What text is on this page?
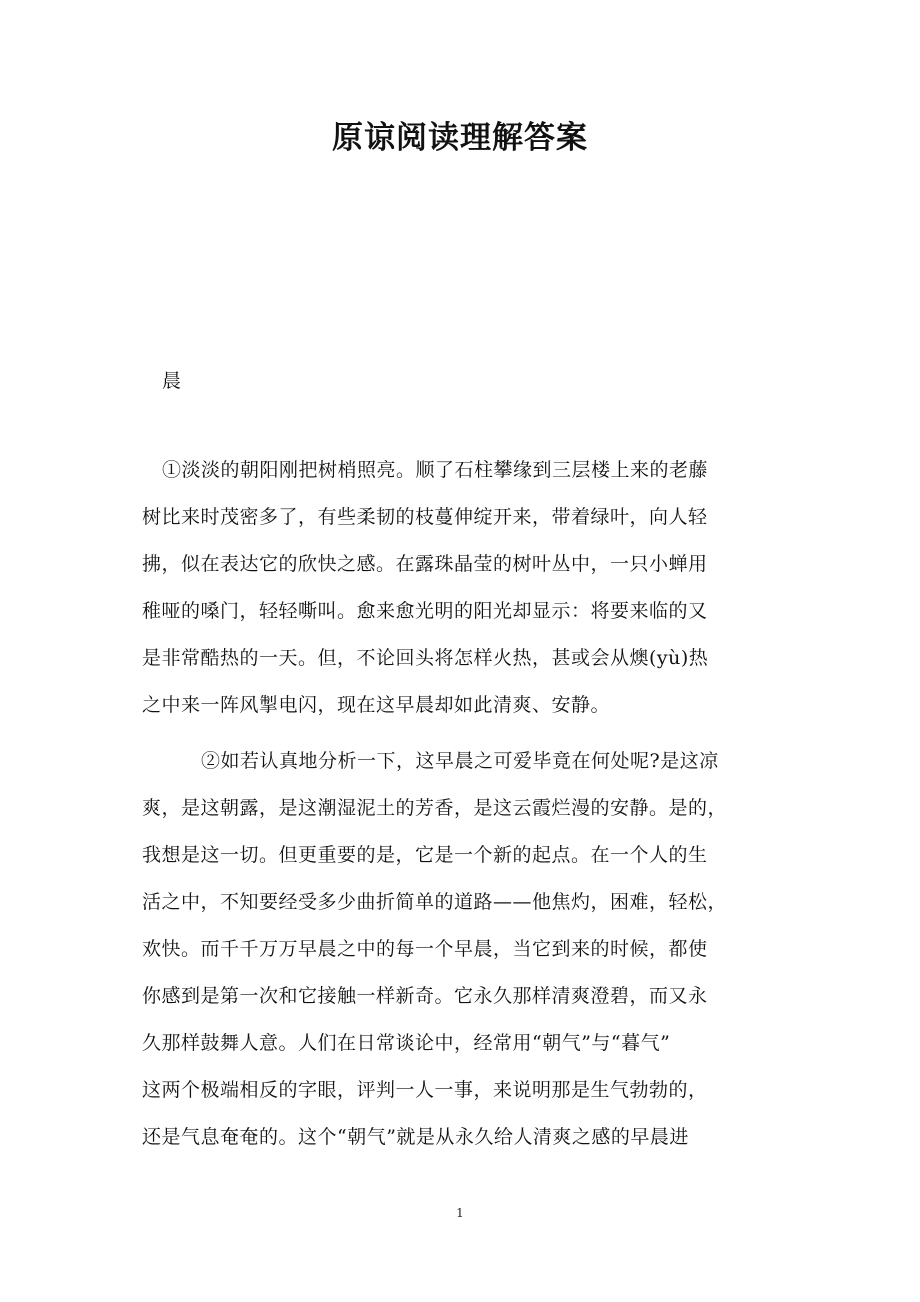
原谅阅读理解答案
晨
①淡淡的朝阳刚把树梢照亮。顺了石柱攀缘到三层楼上来的老藤
树比来时茂密多了，有些柔韧的枝蔓伸绽开来，带着绿叶，向人轻
拂，似在表达它的欣快之感。在露珠晶莹的树叶丛中，一只小蝉用
稚哑的嗓门，轻轻嘶叫。愈来愈光明的阳光却显示：将要来临的又
是非常酷热的一天。但，不论回头将怎样火热，甚或会从燠(yù)热
之中来一阵风掣电闪，现在这早晨却如此清爽、安静。
②如若认真地分析一下，这早晨之可爱毕竟在何处呢?是这凉
爽，是这朝露，是这潮湿泥土的芳香，是这云霞烂漫的安静。是的，
我想是这一切。但更重要的是，它是一个新的起点。在一个人的生
活之中，不知要经受多少曲折简单的道路——他焦灼，困难，轻松，
欢快。而千千万万早晨之中的每一个早晨，当它到来的时候，都使
你感到是第一次和它接触一样新奇。它永久那样清爽澄碧，而又永
久那样鼓舞人意。人们在日常谈论中，经常用“朝气”与“暮气”
这两个极端相反的字眼，评判一人一事，来说明那是生气勃勃的，
还是气息奄奄的。这个“朝气”就是从永久给人清爽之感的早晨进
1
